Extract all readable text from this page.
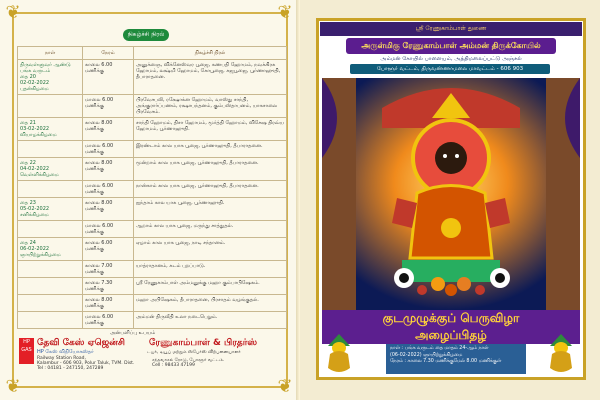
❦	❦
❦	❦
நிகழ்ச்சி நிரல்
நாள்	நேரம்	நிகழ்ச்சி நிரல்

திருவள்ளுவர் ஆண்டு
பங்க வருடம்
தை 20
02-02-2022
புதன்கிழமை	காலை 6.00 மணிக்கு	அனுக்ஞை, விக்னேஸ்வர பூஜை, கணபதி ஹோமம், நவக்கிரக ஹோமம், லக்ஷ்மி ஹோமம், கோபூஜை, கஜபூஜை, பூர்ணாஹுதி, தீபாராதனை.
	மாலை 6.00 மணிக்கு	பிரவேசபலி, ரக்ஷோக்ன ஹோமம், வாஸ்து சாந்தி, அங்குரார்ப்பணம், ரக்ஷாபந்தனம், கும்பஸ்தாபனம், யாகசாலை பிரவேசம்.

தை 21
03-02-2022
வியாழக்கிழமை	காலை 8.00 மணிக்கு	சாந்தி ஹோமம், திசா ஹோமம், மூர்த்தி ஹோமம், விசேஷ திரவ்ய ஹோமம், பூர்ணாஹுதி.
	மாலை 6.00 மணிக்கு	இரண்டாம் கால யாக பூஜை, பூர்ணாஹுதி, தீபாராதனை.

தை 22
04-02-2022
வெள்ளிக்கிழமை	காலை 8.00 மணிக்கு	மூன்றாம் கால யாக பூஜை, பூர்ணாஹுதி, தீபாராதனை.
	மாலை 6.00 மணிக்கு	நான்காம் கால யாக பூஜை, பூர்ணாஹுதி, தீபாராதனை.

தை 23
05-02-2022
சனிக்கிழமை	காலை 8.00 மணிக்கு	ஐந்தாம் கால யாக பூஜை, பூர்ணாஹுதி.
	மாலை 6.00 மணிக்கு	ஆறாம் கால யாக பூஜை, மருந்து சாத்துதல்.

தை 24
06-02-2022
ஞாயிற்றுக்கிழமை	காலை 6.00 மணிக்கு	ஏழாம் கால யாக பூஜை, நாடி சந்தானம்.
	காலை 7.00 மணிக்கு	யாத்ராதானம், கடம் புறப்பாடு.
	காலை 7.30 மணிக்கு	ஸ்ரீ ரேணுகாம்பாள் அம்மனுக்கு மஹா கும்பாபிஷேகம்.
	காலை 8.00 மணிக்கு	மஹா அபிஷேகம், தீபாராதனை, பிரசாதம் வழங்குதல்.
	மாலை 6.00 மணிக்கு	அம்மன் திருவீதி உலா நடைபெறும்.
HP GAS
தேவி கேஸ் ஏஜென்சி
HP கேஸ் விநியோகஸ்தர்
Railway Station Road,
Kalambur - 606 903, Polur Taluk, TVM. Dist.
Tel : 04181 - 247150, 247289
ரேணுகாம்பாள் & பிரதர்ஸ்
டயர், டியூப் மற்றும் ஸ்பேர்ஸ் விற்பனையாளர்
சந்தவாசல் ரோடு, போளூர் வட்டம்.
Cell : 98433 47199
அன்பளிப்பு உபயம்
ஸ்ரீ ரேணுகாம்பாள் துணை
அருள்மிகு ரேணுகாம்பாள் அம்மன் திருக்கோயில்
அம்மன் கோயில் பாளையம், அத்திமலைப்பட்டு அஞ்சல்
போளூர் வட்டம், திருவண்ணாமலை மாவட்டம் - 606 903
குடமுழுக்குப் பெருவிழா
அழைப்பிதழ்
நாள் : பங்க வருடம் தை மாதம் 24-ஆம் நாள்
(06-02-2022) ஞாயிற்றுக்கிழமை
நேரம் : காலை 7.30 மணிக்குமேல் 8.00 மணிக்குள்
